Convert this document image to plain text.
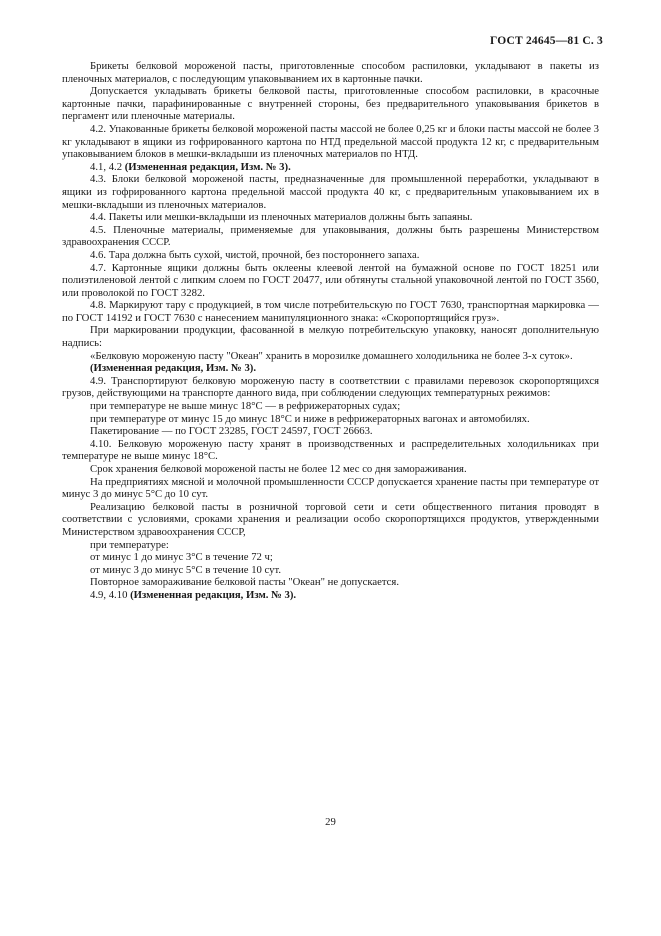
ГОСТ 24645—81 С. 3

Брикеты белковой мороженой пасты, приготовленные способом распиловки, укладывают в пакеты из пленочных материалов, с последующим упаковыванием их в картонные пачки.

Допускается укладывать брикеты белковой пасты, приготовленные способом распиловки, в красочные картонные пачки, парафинированные с внутренней стороны, без предварительного упаковывания брикетов в пергамент или пленочные материалы.

4.2. Упакованные брикеты белковой мороженой пасты массой не более 0,25 кг и блоки пасты массой не более 3 кг укладывают в ящики из гофрированного картона по НТД предельной массой продукта 12 кг, с предварительным упаковыванием блоков в мешки-вкладыши из пленочных материалов по НТД.

4.1, 4.2 (Измененная редакция, Изм. № 3).

4.3. Блоки белковой мороженой пасты, предназначенные для промышленной переработки, укладывают в ящики из гофрированного картона предельной массой продукта 40 кг, с предварительным упаковыванием их в мешки-вкладыши из пленочных материалов.

4.4. Пакеты или мешки-вкладыши из пленочных материалов должны быть запаяны.

4.5. Пленочные материалы, применяемые для упаковывания, должны быть разрешены Министерством здравоохранения СССР.

4.6. Тара должна быть сухой, чистой, прочной, без постороннего запаха.

4.7. Картонные ящики должны быть оклеены клеевой лентой на бумажной основе по ГОСТ 18251 или полиэтиленовой лентой с липким слоем по ГОСТ 20477, или обтянуты стальной упаковочной лентой по ГОСТ 3560, или проволокой по ГОСТ 3282.

4.8. Маркируют тару с продукцией, в том числе потребительскую по ГОСТ 7630, транспортная маркировка — по ГОСТ 14192 и ГОСТ 7630 с нанесением манипуляционного знака: «Скоропортящийся груз».

При маркировании продукции, фасованной в мелкую потребительскую упаковку, наносят дополнительную надпись:

«Белковую мороженую пасту "Океан" хранить в морозилке домашнего холодильника не более 3-х суток».

(Измененная редакция, Изм. № 3).

4.9. Транспортируют белковую мороженую пасту в соответствии с правилами перевозок скоропортящихся грузов, действующими на транспорте данного вида, при соблюдении следующих температурных режимов:

при температуре не выше минус 18°С — в рефрижераторных судах;

при температуре от минус 15 до минус 18°С и ниже в рефрижераторных вагонах и автомобилях.

Пакетирование — по ГОСТ 23285, ГОСТ 24597, ГОСТ 26663.

4.10. Белковую мороженую пасту хранят в производственных и распределительных холодильниках при температуре не выше минус 18°С.

Срок хранения белковой мороженой пасты не более 12 мес со дня замораживания.

На предприятиях мясной и молочной промышленности СССР допускается хранение пасты при температуре от минус 3 до минус 5°С до 10 сут.

Реализацию белковой пасты в розничной торговой сети и сети общественного питания проводят в соответствии с условиями, сроками хранения и реализации особо скоропортящихся продуктов, утвержденными Министерством здравоохранения СССР,

при температуре:

от минус 1 до минус 3°С в течение 72 ч;

от минус 3 до минус 5°С в течение 10 сут.

Повторное замораживание белковой пасты "Океан" не допускается.

4.9, 4.10 (Измененная редакция, Изм. № 3).

29
